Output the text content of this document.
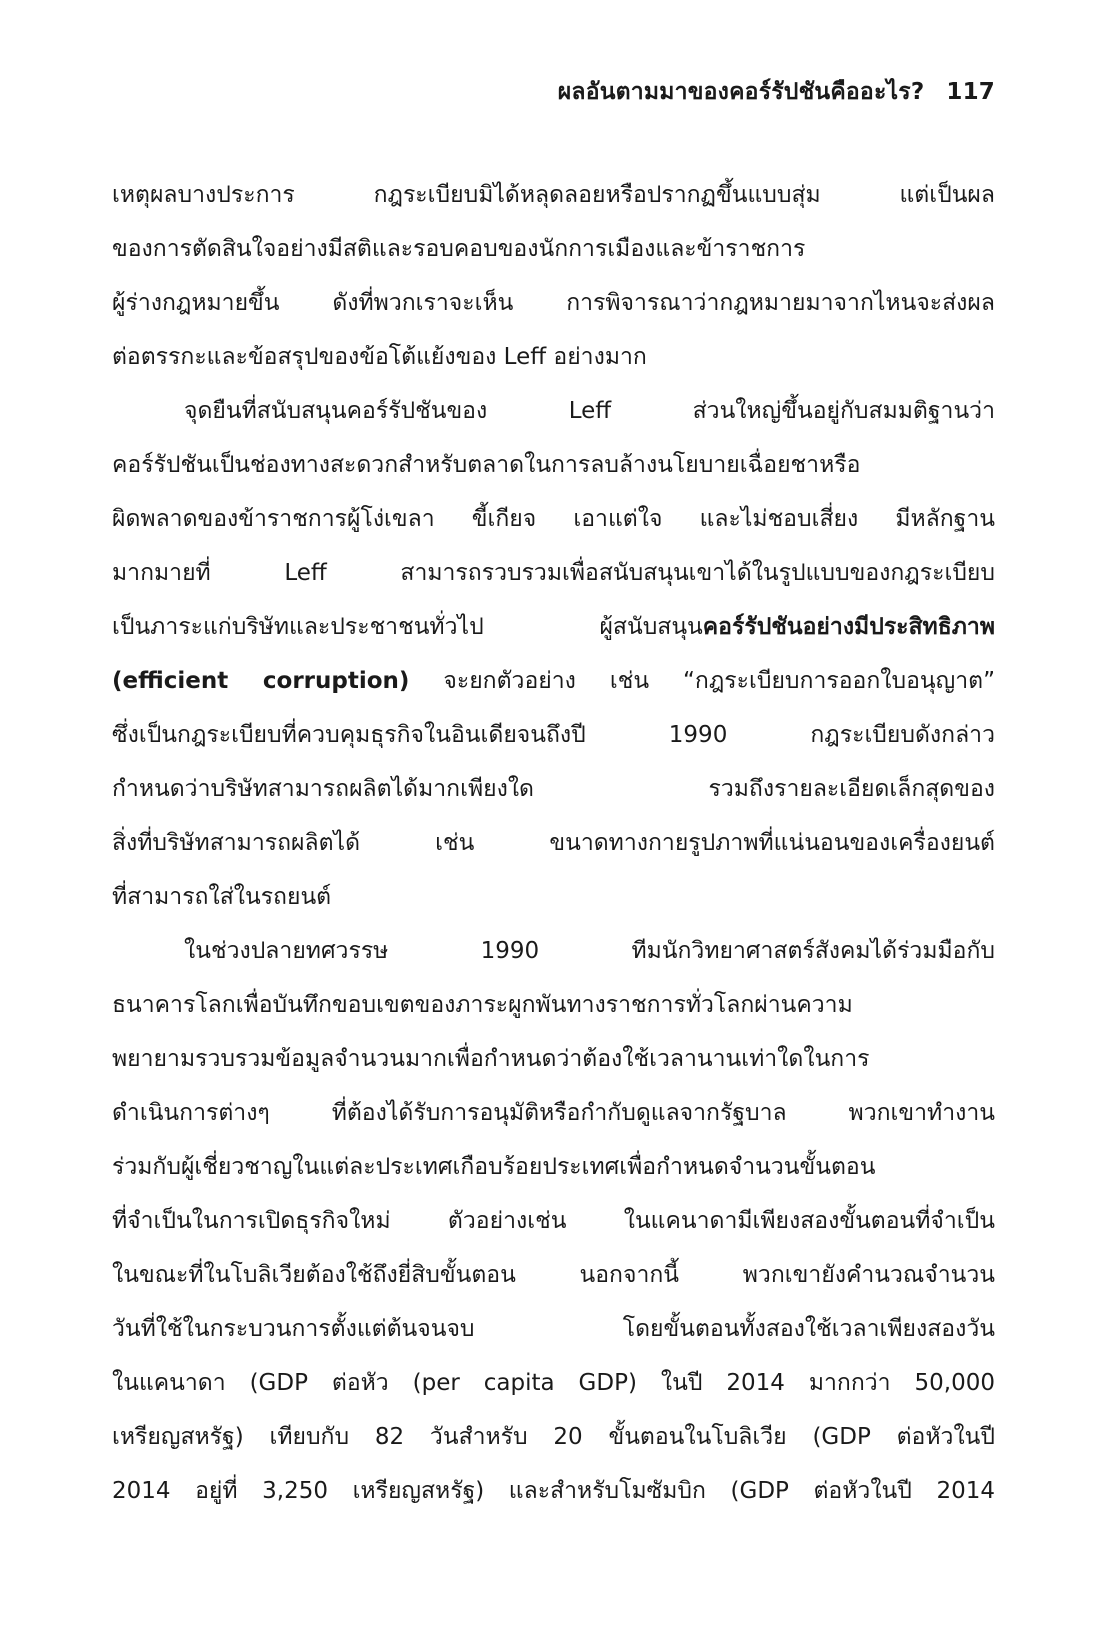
ผลอันตามมาของคอร์รัปชันคืออะไร? 117
เหตุผลบางประการ กฎระเบียบมิได้หลุดลอยหรือปรากฏขึ้นแบบสุ่ม แต่เป็นผล
ของการตัดสินใจอย่างมีสติและรอบคอบของนักการเมืองและข้าราชการ
ผู้ร่างกฎหมายขึ้น ดังที่พวกเราจะเห็น การพิจารณาว่ากฎหมายมาจากไหนจะส่งผล
ต่อตรรกะและข้อสรุปของข้อโต้แย้งของ Leff อย่างมาก
จุดยืนที่สนับสนุนคอร์รัปชันของ Leff ส่วนใหญ่ขึ้นอยู่กับสมมติฐานว่า
คอร์รัปชันเป็นช่องทางสะดวกสำหรับตลาดในการลบล้างนโยบายเฉื่อยชาหรือ
ผิดพลาดของข้าราชการผู้โง่เขลา ขี้เกียจ เอาแต่ใจ และไม่ชอบเสี่ยง มีหลักฐาน
มากมายที่ Leff สามารถรวบรวมเพื่อสนับสนุนเขาได้ในรูปแบบของกฎระเบียบ
เป็นภาระแก่บริษัทและประชาชนทั่วไป ผู้สนับสนุนคอร์รัปชันอย่างมีประสิทธิภาพ
(efficient corruption) จะยกตัวอย่าง เช่น “กฎระเบียบการออกใบอนุญาต”
ซึ่งเป็นกฎระเบียบที่ควบคุมธุรกิจในอินเดียจนถึงปี 1990 กฎระเบียบดังกล่าว
กำหนดว่าบริษัทสามารถผลิตได้มากเพียงใด รวมถึงรายละเอียดเล็กสุดของ
สิ่งที่บริษัทสามารถผลิตได้ เช่น ขนาดทางกายรูปภาพที่แน่นอนของเครื่องยนต์
ที่สามารถใส่ในรถยนต์
ในช่วงปลายทศวรรษ 1990 ทีมนักวิทยาศาสตร์สังคมได้ร่วมมือกับ
ธนาคารโลกเพื่อบันทึกขอบเขตของภาระผูกพันทางราชการทั่วโลกผ่านความ
พยายามรวบรวมข้อมูลจำนวนมากเพื่อกำหนดว่าต้องใช้เวลานานเท่าใดในการ
ดำเนินการต่างๆ ที่ต้องได้รับการอนุมัติหรือกำกับดูแลจากรัฐบาล พวกเขาทำงาน
ร่วมกับผู้เชี่ยวชาญในแต่ละประเทศเกือบร้อยประเทศเพื่อกำหนดจำนวนขั้นตอน
ที่จำเป็นในการเปิดธุรกิจใหม่ ตัวอย่างเช่น ในแคนาดามีเพียงสองขั้นตอนที่จำเป็น
ในขณะที่ในโบลิเวียต้องใช้ถึงยี่สิบขั้นตอน นอกจากนี้ พวกเขายังคำนวณจำนวน
วันที่ใช้ในกระบวนการตั้งแต่ต้นจนจบ โดยขั้นตอนทั้งสองใช้เวลาเพียงสองวัน
ในแคนาดา (GDP ต่อหัว (per capita GDP) ในปี 2014 มากกว่า 50,000
เหรียญสหรัฐ) เทียบกับ 82 วันสำหรับ 20 ขั้นตอนในโบลิเวีย (GDP ต่อหัวในปี
2014 อยู่ที่ 3,250 เหรียญสหรัฐ) และสำหรับโมซัมบิก (GDP ต่อหัวในปี 2014
